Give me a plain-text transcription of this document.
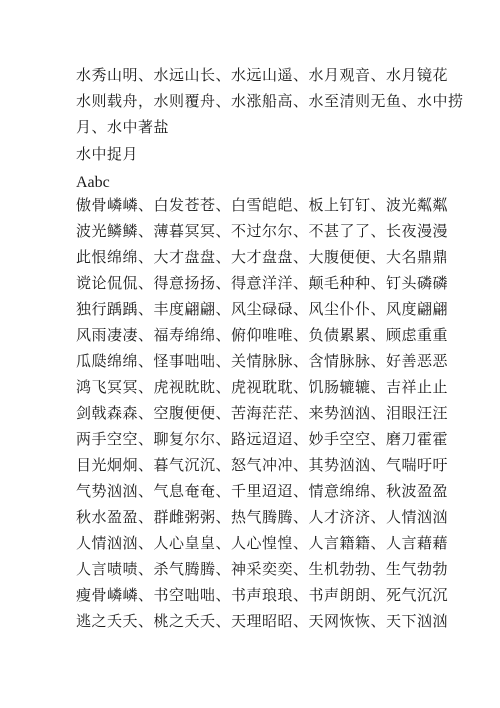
水秀山明、水远山长、水远山遥、水月观音、水月镜花
水则载舟，水则覆舟、水涨船高、水至清则无鱼、水中捞
月、水中著盐
水中捉月
Aabc
傲骨嶙嶙、白发苍苍、白雪皑皑、板上钉钉、波光粼粼
波光鳞鳞、薄暮冥冥、不过尔尔、不甚了了、长夜漫漫
此恨绵绵、大才盘盘、大才盘盘、大腹便便、大名鼎鼎
谠论侃侃、得意扬扬、得意洋洋、颠毛种种、钉头磷磷
独行踽踽、丰度翩翩、风尘碌碌、风尘仆仆、风度翩翩
风雨凄凄、福寿绵绵、俯仰唯唯、负债累累、顾虑重重
瓜瓞绵绵、怪事咄咄、关情脉脉、含情脉脉、好善恶恶
鸿飞冥冥、虎视眈眈、虎视耽耽、饥肠辘辘、吉祥止止
剑戟森森、空腹便便、苦海茫茫、来势汹汹、泪眼汪汪
两手空空、聊复尔尔、路远迢迢、妙手空空、磨刀霍霍
目光炯炯、暮气沉沉、怒气冲冲、其势汹汹、气喘吁吁
气势汹汹、气息奄奄、千里迢迢、情意绵绵、秋波盈盈
秋水盈盈、群雌粥粥、热气腾腾、人才济济、人情汹汹
人情汹汹、人心皇皇、人心惶惶、人言籍籍、人言藉藉
人言啧啧、杀气腾腾、神采奕奕、生机勃勃、生气勃勃
瘦骨嶙嶙、书空咄咄、书声琅琅、书声朗朗、死气沉沉
逃之夭夭、桃之夭夭、天理昭昭、天网恢恢、天下汹汹
